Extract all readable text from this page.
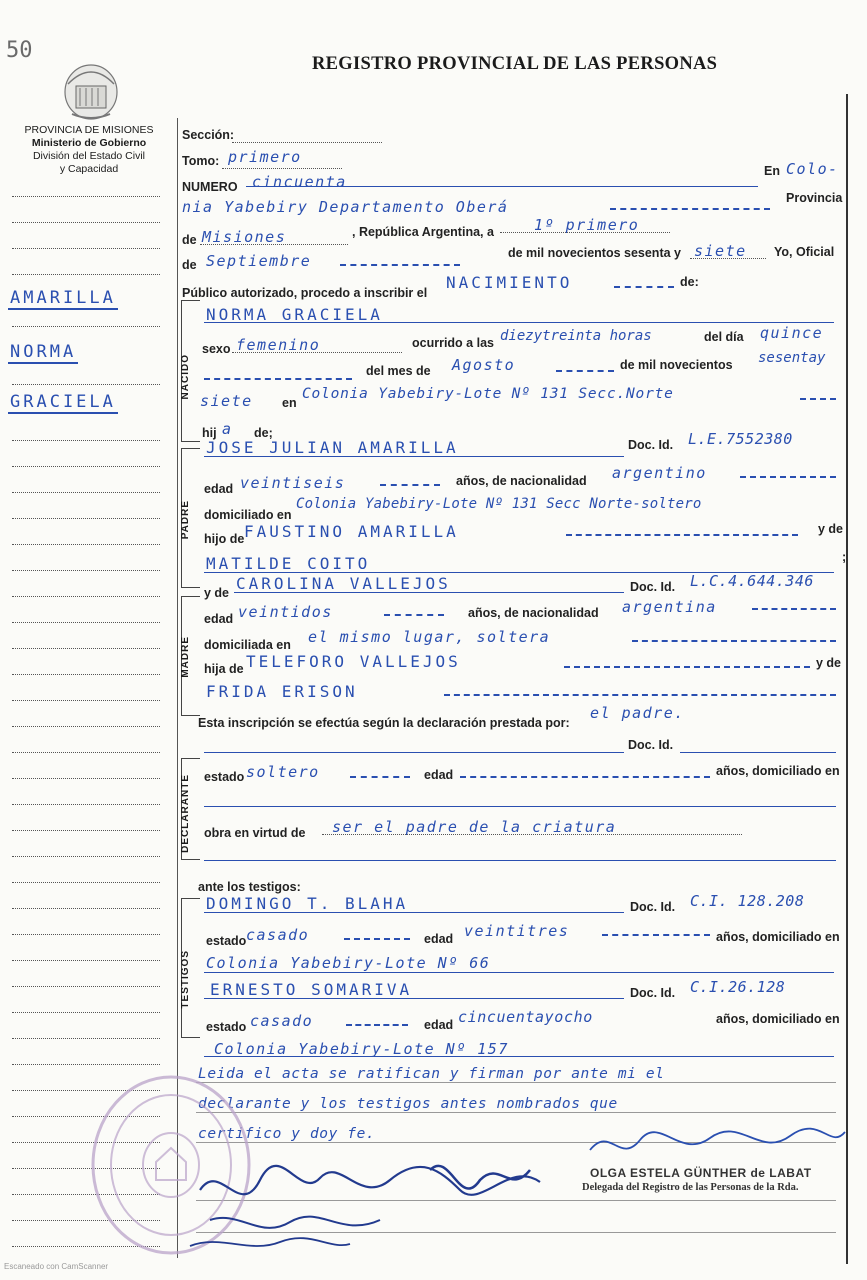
50
REGISTRO PROVINCIAL DE LAS PERSONAS
PROVINCIA DE MISIONES
Ministerio de Gobierno
División del Estado Civil
y Capacidad
AMARILLA
NORMA
GRACIELA
Sección:
Tomo: primero
NUMERO cincuenta
En Colo-
nia Yabebiry Departamento Oberá	Provincia
de Misiones	, República Argentina, a	1º primero
de Septiembre	de mil novecientos sesenta y siete Yo, Oficial
Público autorizado, procedo a inscribir el
NACIMIENTO	de:
NACIDO
NORMA GRACIELA
sexo femenino	ocurrido a las diezytreinta horas	del día quince
del mes de Agosto	de mil novecientos sesentay
siete en
Colonia Yabebiry-Lote Nº 131 Secc.Norte
hij a de;
PADRE
JOSE JULIAN AMARILLA	Doc. Id. L.E.7552380
edad veintiseis	años, de nacionalidad argentino
domiciliado en
Colonia Yabebiry-Lote Nº 131 Secc Norte-soltero
hijo de FAUSTINO AMARILLA	y de
MATILDE COITO	;
MADRE
y de CAROLINA VALLEJOS	Doc. Id. L.C.4.644.346
edad veintidos	años, de nacionalidad argentina
domiciliada en el mismo lugar, soltera
hija de TELEFORO VALLEJOS	y de
FRIDA ERISON
Esta inscripción se efectúa según la declaración prestada por:
el padre.
DECLARANTE
Doc. Id.
estado soltero	edad	años, domiciliado en
obra en virtud de ser el padre de la criatura
ante los testigos:
TESTIGOS
DOMINGO T. BLAHA	Doc. Id. C.I. 128.208
estado casado	edad veintitres	años, domiciliado en
Colonia Yabebiry-Lote Nº 66
ERNESTO SOMARIVA	Doc. Id. C.I.26.128
estado casado	edad cincuentayocho	años, domiciliado en
Colonia Yabebiry-Lote Nº 157
Leida el acta se ratifican y firman por ante mi el
declarante y los testigos antes nombrados que
certifico y doy fe.
OLGA ESTELA GÜNTHER de LABAT
Delegada del Registro de las Personas de la Rda.
Escaneado con CamScanner
